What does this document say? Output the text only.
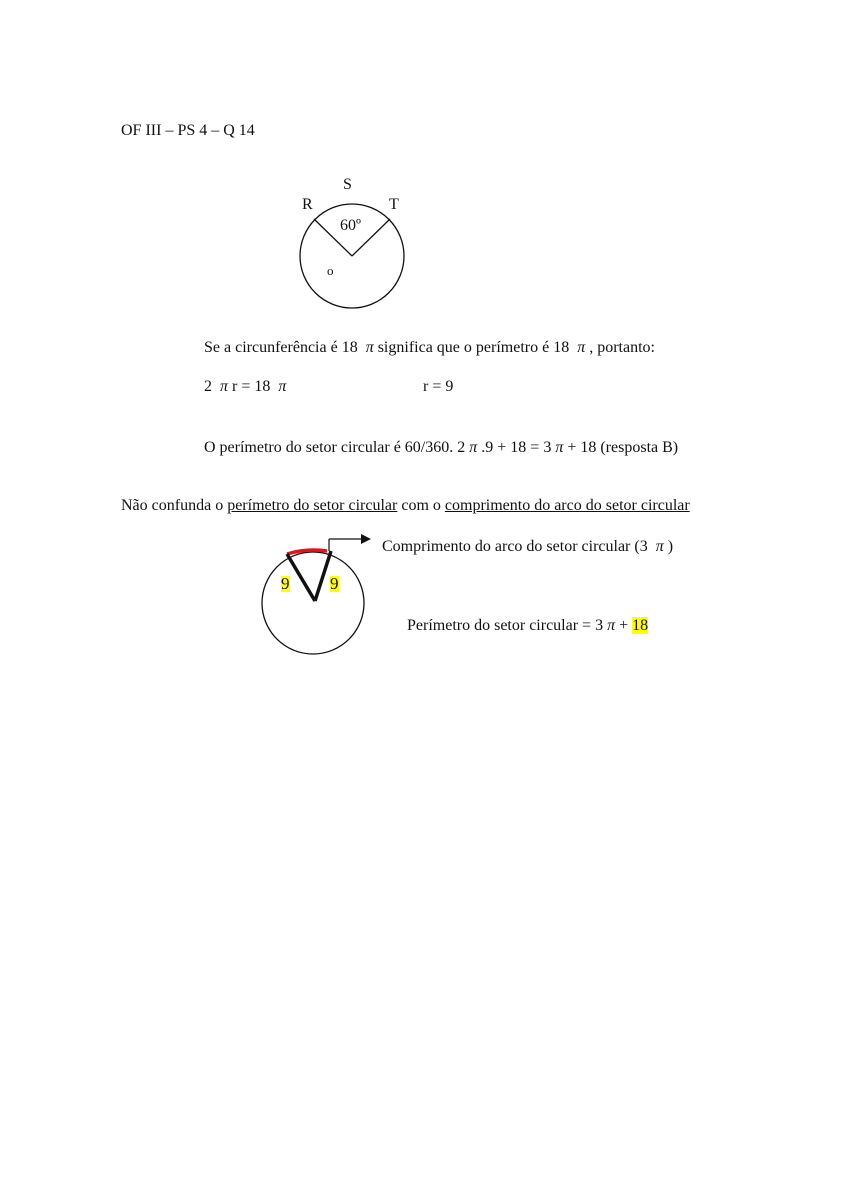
OF III – PS 4 – Q 14
S
R	T
60º
o
Se a circunferência é 18 π significa que o perímetro é 18 π , portanto:
2 π r = 18 π	r = 9
O perímetro do setor circular é 60/360. 2 π .9 + 18 = 3 π + 18 (resposta B)
Não confunda o perímetro do setor circular com o comprimento do arco do setor circular
9 9
Comprimento do arco do setor circular (3 π )
Perímetro do setor circular = 3 π + 18
